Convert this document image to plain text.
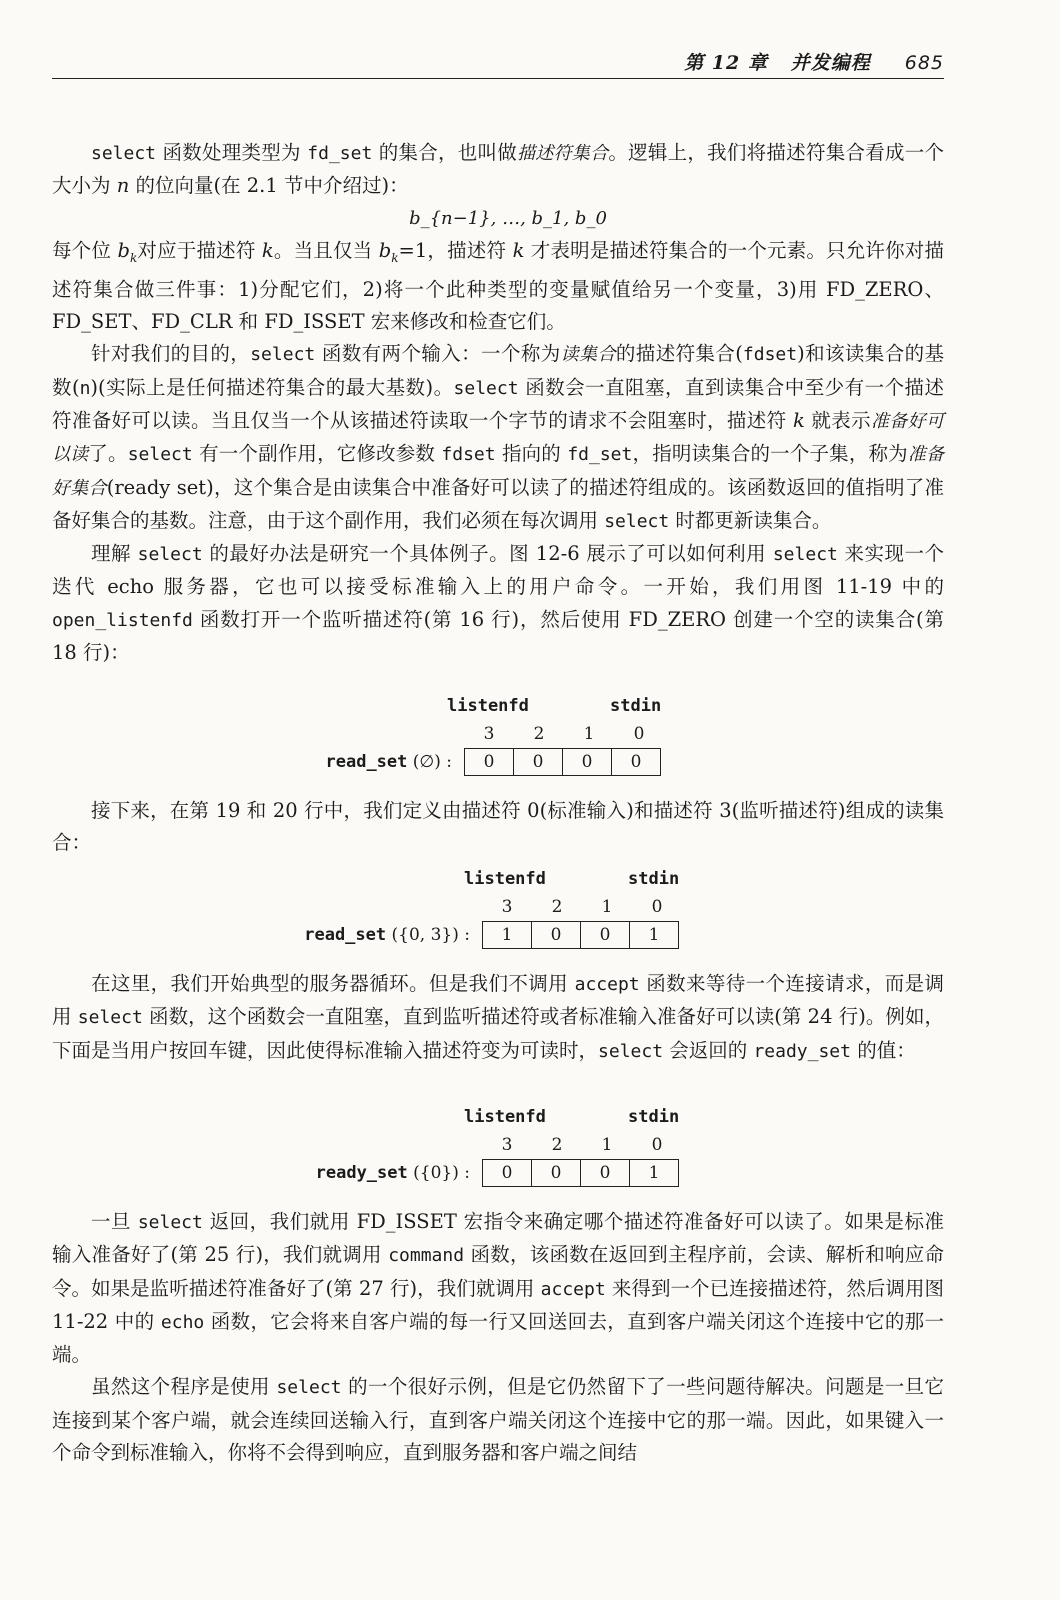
第 12 章 并发编程 685

select 函数处理类型为 fd_set 的集合，也叫做描述符集合。逻辑上，我们将描述符集合看成一个大小为 n 的位向量(在 2.1 节中介绍过)：

b_{n−1}, …, b_1, b_0

每个位 $b_k$对应于描述符 k。当且仅当 $b_k=1$，描述符 k 才表明是描述符集合的一个元素。只允许你对描述符集合做三件事：1)分配它们，2)将一个此种类型的变量赋值给另一个变量，3)用 FD_ZERO、FD_SET、FD_CLR 和 FD_ISSET 宏来修改和检查它们。

针对我们的目的，select 函数有两个输入：一个称为读集合的描述符集合(fdset)和该读集合的基数(n)(实际上是任何描述符集合的最大基数)。select 函数会一直阻塞，直到读集合中至少有一个描述符准备好可以读。当且仅当一个从该描述符读取一个字节的请求不会阻塞时，描述符 k 就表示准备好可以读了。select 有一个副作用，它修改参数 fdset 指向的 fd_set，指明读集合的一个子集，称为准备好集合(ready set)，这个集合是由读集合中准备好可以读了的描述符组成的。该函数返回的值指明了准备好集合的基数。注意，由于这个副作用，我们必须在每次调用 select 时都更新读集合。

理解 select 的最好办法是研究一个具体例子。图 12-6 展示了可以如何利用 select 来实现一个迭代 echo 服务器，它也可以接受标准输入上的用户命令。一开始，我们用图 11-19 中的 open_listenfd 函数打开一个监听描述符(第 16 行)，然后使用 FD_ZERO 创建一个空的读集合(第 18 行)：

listenfd	stdin
3	2	1	0
read_set (∅) :	0	0	0	0

接下来，在第 19 和 20 行中，我们定义由描述符 0(标准输入)和描述符 3(监听描述符)组成的读集合：

listenfd	stdin
3	2	1	0
read_set ({0, 3}) :	1	0	0	1

在这里，我们开始典型的服务器循环。但是我们不调用 accept 函数来等待一个连接请求，而是调用 select 函数，这个函数会一直阻塞，直到监听描述符或者标准输入准备好可以读(第 24 行)。例如，下面是当用户按回车键，因此使得标准输入描述符变为可读时，select 会返回的 ready_set 的值：

listenfd	stdin
3	2	1	0
ready_set ({0}) :	0	0	0	1

一旦 select 返回，我们就用 FD_ISSET 宏指令来确定哪个描述符准备好可以读了。如果是标准输入准备好了(第 25 行)，我们就调用 command 函数，该函数在返回到主程序前，会读、解析和响应命令。如果是监听描述符准备好了(第 27 行)，我们就调用 accept 来得到一个已连接描述符，然后调用图 11-22 中的 echo 函数，它会将来自客户端的每一行又回送回去，直到客户端关闭这个连接中它的那一端。

虽然这个程序是使用 select 的一个很好示例，但是它仍然留下了一些问题待解决。问题是一旦它连接到某个客户端，就会连续回送输入行，直到客户端关闭这个连接中它的那一端。因此，如果键入一个命令到标准输入，你将不会得到响应，直到服务器和客户端之间结
